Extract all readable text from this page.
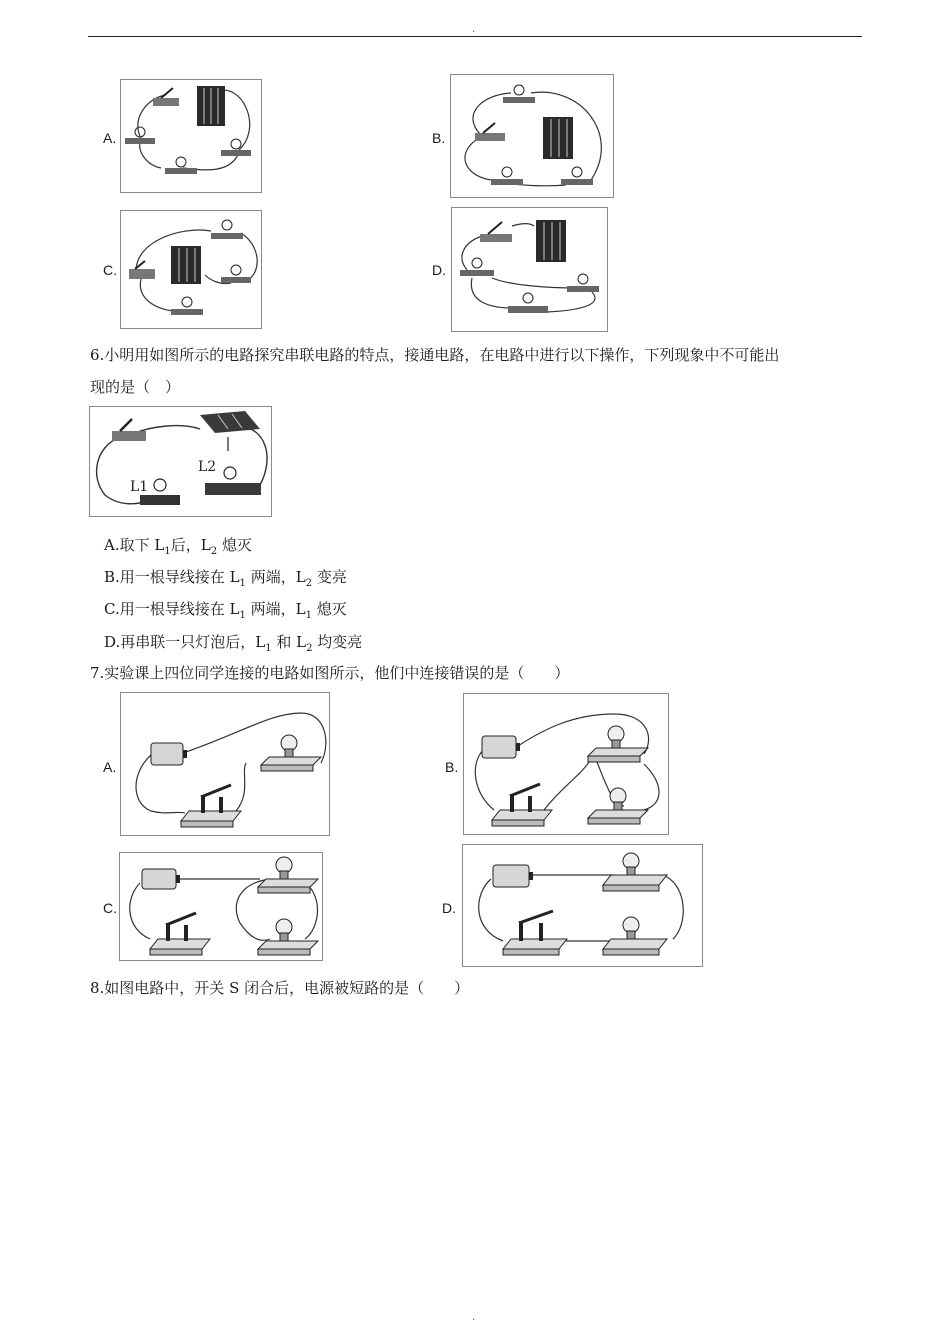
.
.
A.	B.
C.	D.
6.小明用如图所示的电路探究串联电路的特点，接通电路，在电路中进行以下操作，下列现象中不可能出
现的是（　）
L1
L2
A.取下 $L_1$后，$L_2$ 熄灭
B.用一根导线接在 $L_1$ 两端，$L_2$ 变亮
C.用一根导线接在 $L_1$ 两端，$L_1$ 熄灭
D.再串联一只灯泡后，$L_1$ 和 $L_2$ 均变亮
7.实验课上四位同学连接的电路如图所示，他们中连接错误的是（　　）
A.	B.
C.	D.
8.如图电路中，开关 S 闭合后，电源被短路的是（　　）
